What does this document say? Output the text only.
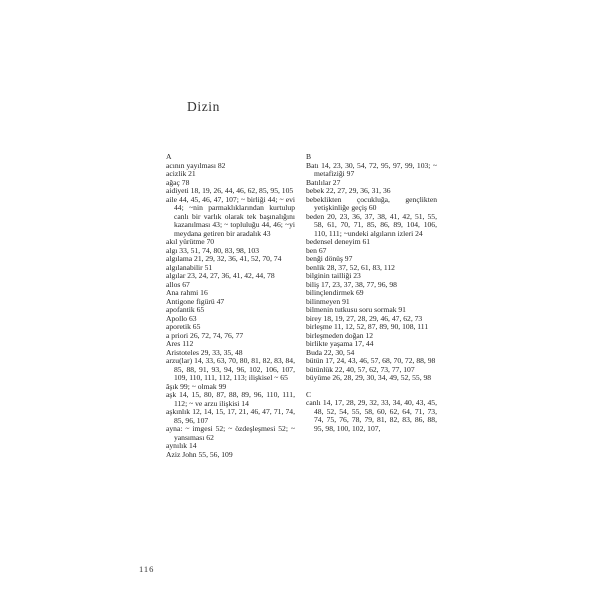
Dizin
A

acının yayılması 82

acizlik 21

ağaç 78

aidiyeti 18, 19, 26, 44, 46, 62, 85, 95, 105

aile 44, 45, 46, 47, 107; ~ birliği 44; ~ evi 44; ~nin parmaklıklarından kurtulup canlı bir varlık olarak tek başınalığını kazanılması 43; ~ topluluğu 44, 46; ~yi meydana getiren bir aradalık 43

akıl yürütme 70

algı 33, 51, 74, 80, 83, 98, 103

algılama 21, 29, 32, 36, 41, 52, 70, 74

algılanabilir 51

algılar 23, 24, 27, 36, 41, 42, 44, 78

allos 67

Ana rahmi 16

Antigone figürü 47

apofantik 65

Apollo 63

aporetik 65

a priori 26, 72, 74, 76, 77

Ares 112

Aristoteles 29, 33, 35, 48

arzu(lar) 14, 33, 63, 70, 80, 81, 82, 83, 84, 85, 88, 91, 93, 94, 96, 102, 106, 107, 109, 110, 111, 112, 113; ilişkisel ~ 65

âşık 99; ~ olmak 99

aşk 14, 15, 80, 87, 88, 89, 96, 110, 111, 112; ~ ve arzu ilişkisi 14

aşkınlık 12, 14, 15, 17, 21, 46, 47, 71, 74, 85, 96, 107

ayna: ~ imgesi 52; ~ özdeşleşmesi 52; ~ yansıması 62

aynılık 14

Aziz John 55, 56, 109

B

Batı 14, 23, 30, 54, 72, 95, 97, 99, 103; ~ metafiziği 97

Batılılar 27

bebek 22, 27, 29, 36, 31, 36

bebeklikten çocukluğa, gençlikten yetişkinliğe geçiş 60

beden 20, 23, 36, 37, 38, 41, 42, 51, 55, 58, 61, 70, 71, 85, 86, 89, 104, 106, 110, 111; ~undeki algıların izleri 24

bedensel deneyim 61

ben 67

benği dönüş 97

benlik 28, 37, 52, 61, 83, 112

bilginin tailliği 23

biliş 17, 23, 37, 38, 77, 96, 98

bilinçlendirmek 69

bilinmeyen 91

bilmenin tutkusu soru sormak 91

birey 18, 19, 27, 28, 29, 46, 47, 62, 73

birleşme 11, 12, 52, 87, 89, 90, 108, 111

birleşmeden doğan 12

birlikte yaşama 17, 44

Buda 22, 30, 54

bütün 17, 24, 43, 46, 57, 68, 70, 72, 88, 98

bütünlük 22, 40, 57, 62, 73, 77, 107

büyüme 26, 28, 29, 30, 34, 49, 52, 55, 98

C

canlı 14, 17, 28, 29, 32, 33, 34, 40, 43, 45, 48, 52, 54, 55, 58, 60, 62, 64, 71, 73, 74, 75, 76, 78, 79, 81, 82, 83, 86, 88, 95, 98, 100, 102, 107,

116
